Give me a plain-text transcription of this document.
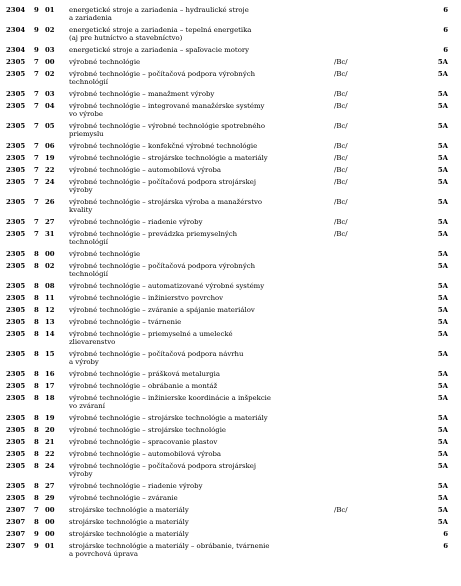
2304 9 01 energetické stroje a zariadenia – hydraulické stroje
a zariadenia
6
2304 9 02 energetické stroje a zariadenia – tepelná energetika
(aj pre hutníctvo a stavebníctvo)
6
2304 9 03 energetické stroje a zariadenia – spaľovacie motory	6
2305 7 00 výrobné technológie	/Bc/	5A
2305 7 02 výrobné technológie – počítačová podpora výrobných
technológií
/Bc/	5A
2305 7 03 výrobné technológie – manažment výroby	/Bc/	5A
2305 7 04 výrobné technológie – integrované manažérske systémy
vo výrobe
/Bc/	5A
2305 7 05 výrobné technológie – výrobné technológie spotrebného
priemyslu
/Bc/	5A
2305 7 06 výrobné technológie – konfekčné výrobné technológie	/Bc/	5A
2305 7 19 výrobné technológie – strojárske technológie a materiály	/Bc/	5A
2305 7 22 výrobné technológie – automobilová výroba	/Bc/	5A
2305 7 24 výrobné technológie – počítačová podpora strojárskej
výroby
/Bc/	5A
2305 7 26 výrobné technológie – strojárska výroba a manažérstvo
kvality
/Bc/	5A
2305 7 27 výrobné technológie – riadenie výroby	/Bc/	5A
2305 7 31 výrobné technológie – prevádzka priemyselných
technológií
/Bc/	5A
2305 8 00 výrobné technológie	5A
2305 8 02 výrobné technológie – počítačová podpora výrobných
technológií
5A
2305 8 08 výrobné technológie – automatizované výrobné systémy	5A
2305 8 11 výrobné technológie – inžinierstvo povrchov	5A
2305 8 12 výrobné technológie – zváranie a spájanie materiálov	5A
2305 8 13 výrobné technológie – tvárnenie	5A
2305 8 14 výrobné technológie – priemyselné a umelecké
zlievarenstvo
5A
2305 8 15 výrobné technológie – počítačová podpora návrhu
a výroby
5A
2305 8 16 výrobné technológie – prášková metalurgia	5A
2305 8 17 výrobné technológie – obrábanie a montáž	5A
2305 8 18 výrobné technológie – inžinierske koordinácie a inšpekcie
vo zváraní
5A
2305 8 19 výrobné technológie – strojárske technológie a materiály	5A
2305 8 20 výrobné technológie – strojárske technológie	5A
2305 8 21 výrobné technológie – spracovanie plastov	5A
2305 8 22 výrobné technológie – automobilová výroba	5A
2305 8 24 výrobné technológie – počítačová podpora strojárskej
výroby
5A
2305 8 27 výrobné technológie – riadenie výroby	5A
2305 8 29 výrobné technológie – zváranie	5A
2307 7 00 strojárske technológie a materiály	/Bc/	5A
2307 8 00 strojárske technológie a materiály	5A
2307 9 00 strojárske technológie a materiály	6
2307 9 01 strojárske technológie a materiály – obrábanie, tvárnenie
a povrchová úprava
6
